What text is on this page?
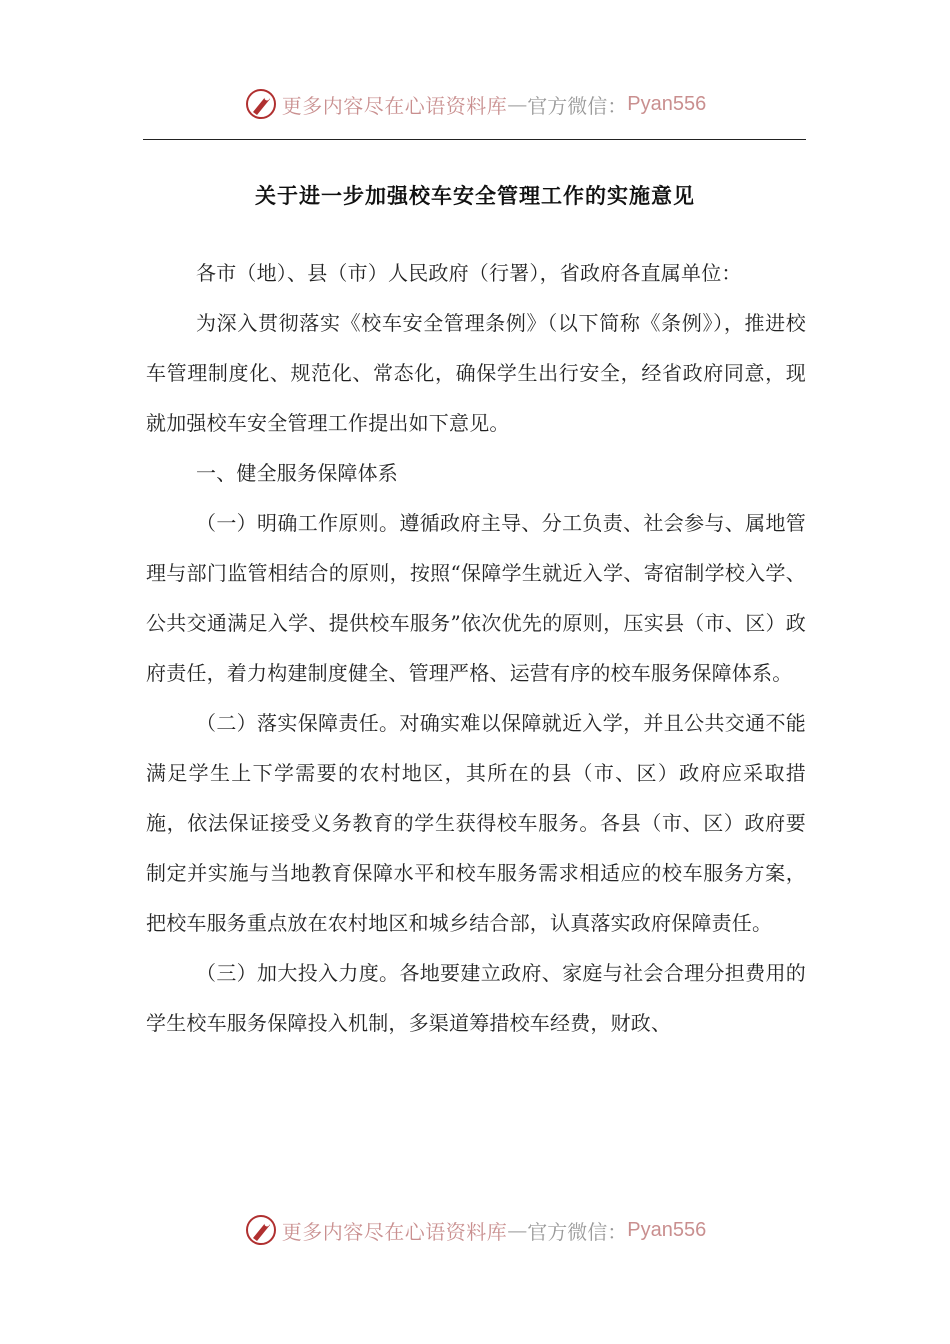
更多内容尽在心语资料库 — 官方微信： Pyan556
关于进一步加强校车安全管理工作的实施意见

各市（地）、县（市）人民政府（行署），省政府各直属单位：

为深入贯彻落实《校车安全管理条例》（以下简称《条例》），推进校车管理制度化、规范化、常态化，确保学生出行安全，经省政府同意，现就加强校车安全管理工作提出如下意见。

一、健全服务保障体系

（一）明确工作原则。遵循政府主导、分工负责、社会参与、属地管理与部门监管相结合的原则，按照“保障学生就近入学、寄宿制学校入学、公共交通满足入学、提供校车服务”依次优先的原则，压实县（市、区）政府责任，着力构建制度健全、管理严格、运营有序的校车服务保障体系。

（二）落实保障责任。对确实难以保障就近入学，并且公共交通不能满足学生上下学需要的农村地区，其所在的县（市、区）政府应采取措施，依法保证接受义务教育的学生获得校车服务。各县（市、区）政府要制定并实施与当地教育保障水平和校车服务需求相适应的校车服务方案，把校车服务重点放在农村地区和城乡结合部，认真落实政府保障责任。

（三）加大投入力度。各地要建立政府、家庭与社会合理分担费用的学生校车服务保障投入机制，多渠道筹措校车经费，财政、

更多内容尽在心语资料库 — 官方微信： Pyan556
